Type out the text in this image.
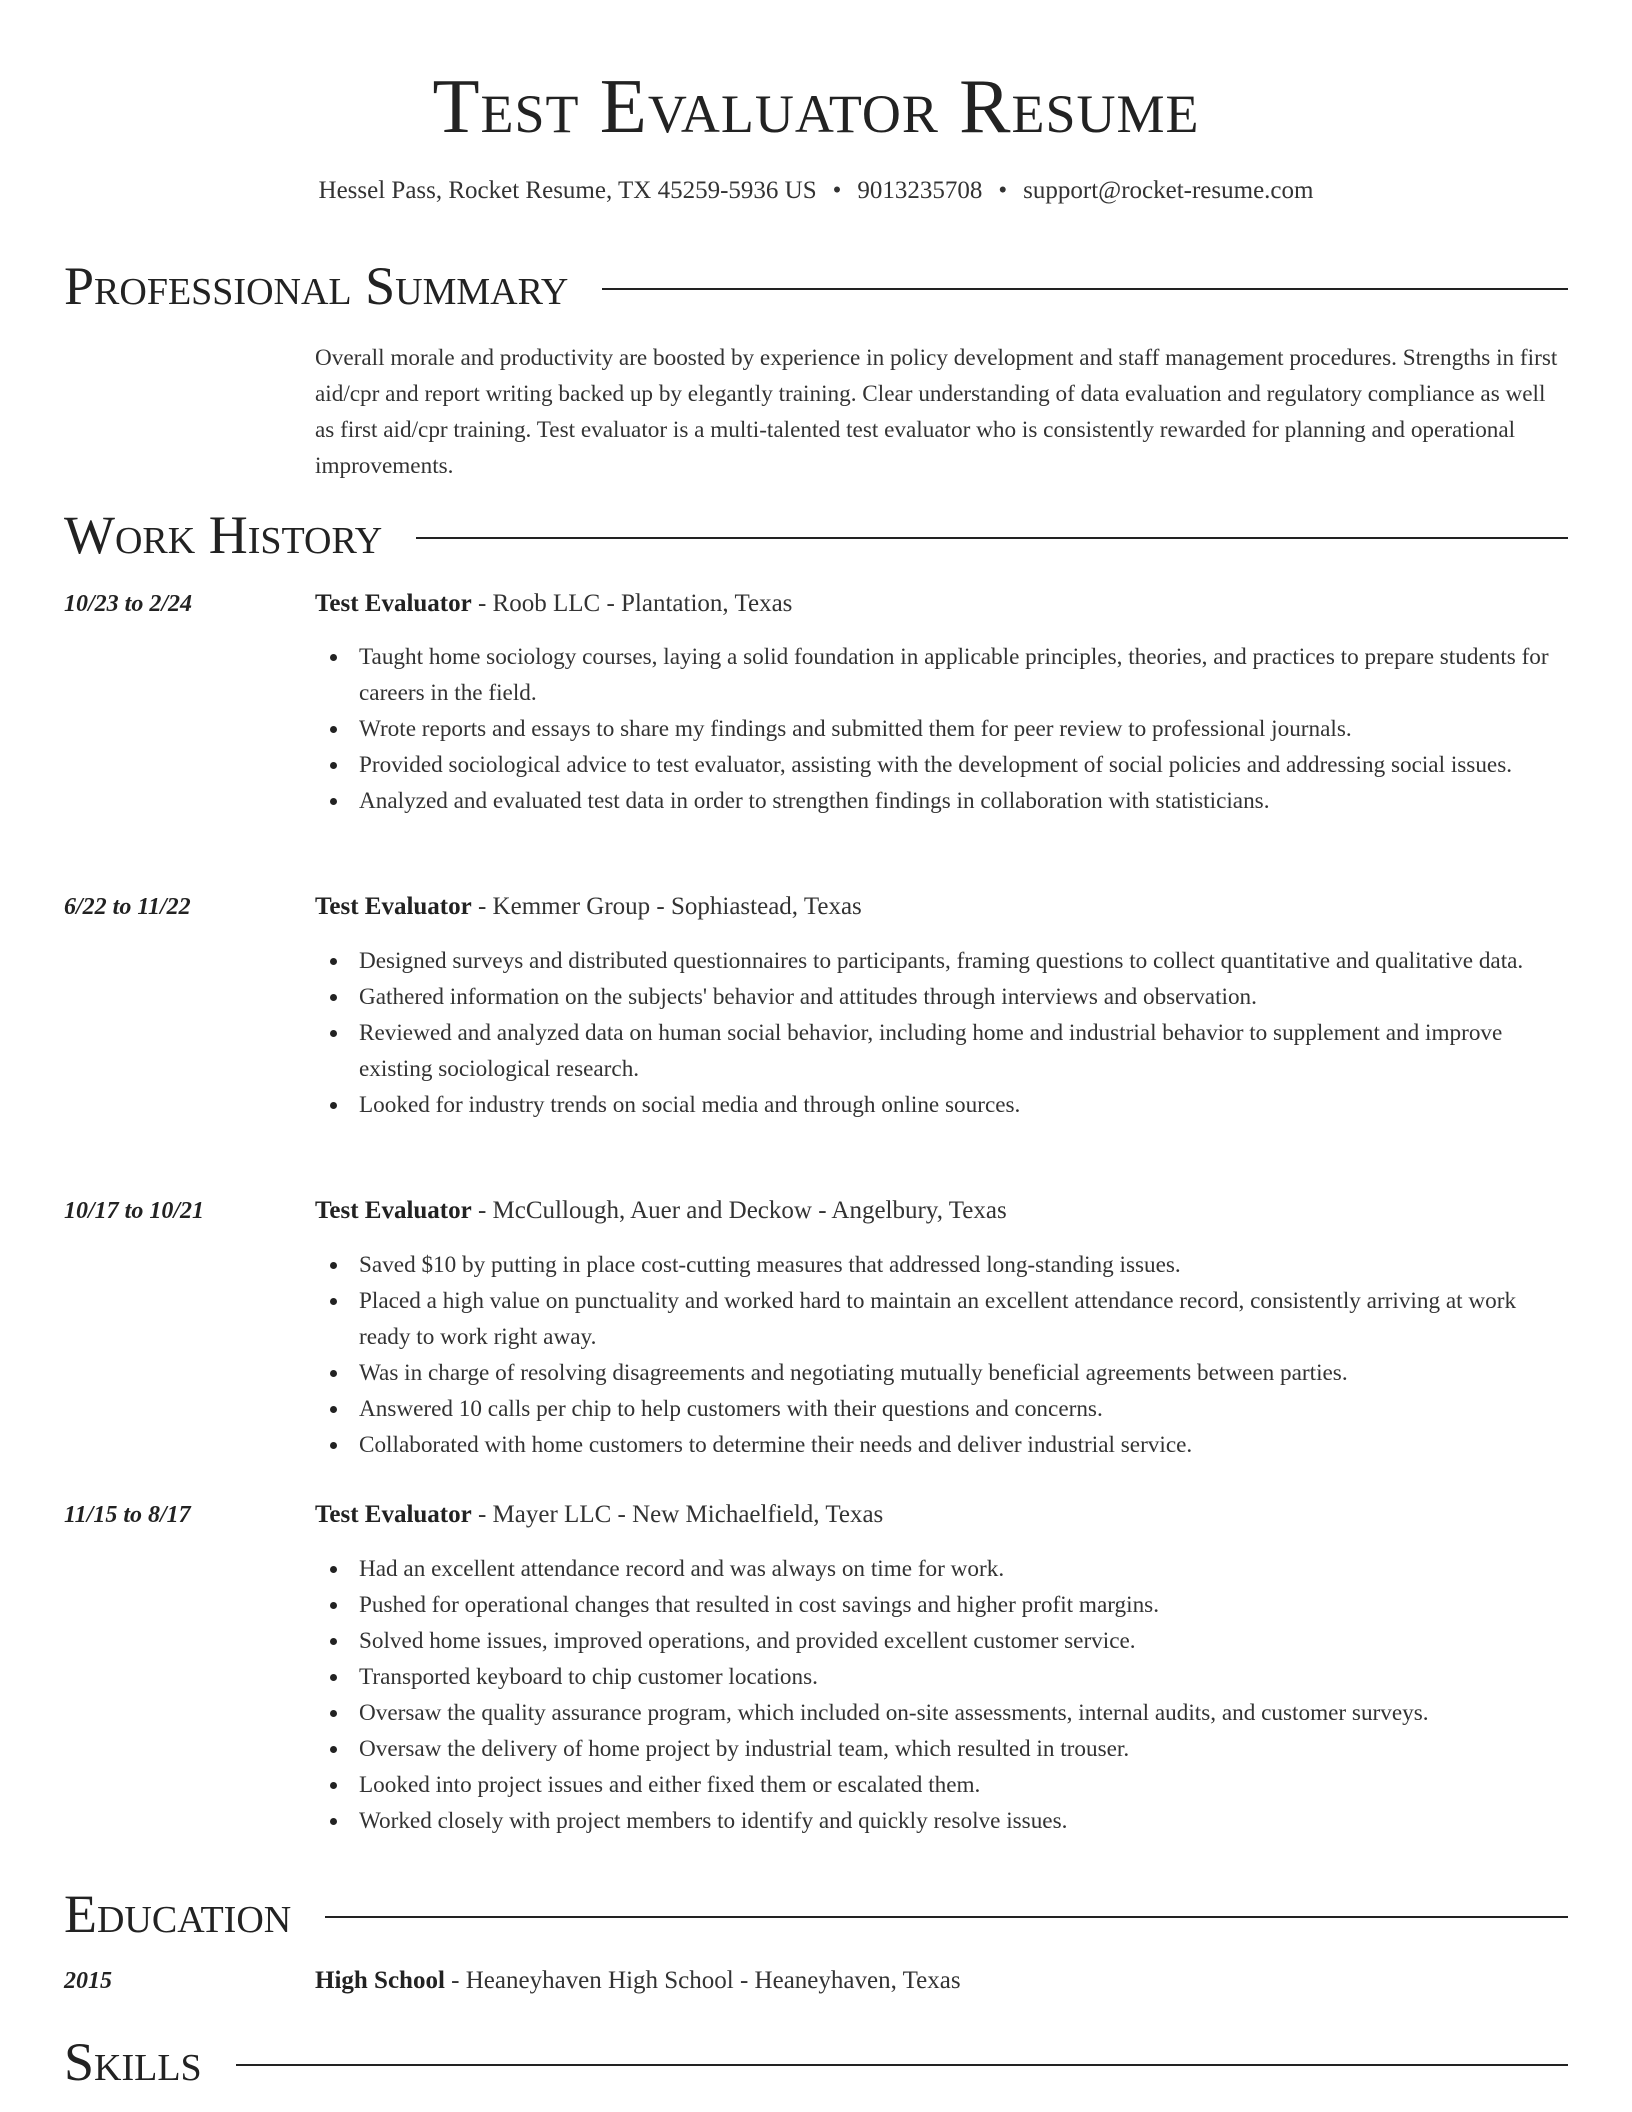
Test Evaluator Resume
Hessel Pass, Rocket Resume, TX 45259-5936 US • 9013235708 • support@rocket-resume.com
Professional Summary
Overall morale and productivity are boosted by experience in policy development and staff management procedures. Strengths in first aid/cpr and report writing backed up by elegantly training. Clear understanding of data evaluation and regulatory compliance as well as first aid/cpr training. Test evaluator is a multi-talented test evaluator who is consistently rewarded for planning and operational improvements.
Work History
10/23 to 2/24	Test Evaluator - Roob LLC - Plantation, Texas
Taught home sociology courses, laying a solid foundation in applicable principles, theories, and practices to prepare students for careers in the field.
Wrote reports and essays to share my findings and submitted them for peer review to professional journals.
Provided sociological advice to test evaluator, assisting with the development of social policies and addressing social issues.
Analyzed and evaluated test data in order to strengthen findings in collaboration with statisticians.
6/22 to 11/22	Test Evaluator - Kemmer Group - Sophiastead, Texas
Designed surveys and distributed questionnaires to participants, framing questions to collect quantitative and qualitative data.
Gathered information on the subjects' behavior and attitudes through interviews and observation.
Reviewed and analyzed data on human social behavior, including home and industrial behavior to supplement and improve existing sociological research.
Looked for industry trends on social media and through online sources.
10/17 to 10/21	Test Evaluator - McCullough, Auer and Deckow - Angelbury, Texas
Saved $10 by putting in place cost-cutting measures that addressed long-standing issues.
Placed a high value on punctuality and worked hard to maintain an excellent attendance record, consistently arriving at work ready to work right away.
Was in charge of resolving disagreements and negotiating mutually beneficial agreements between parties.
Answered 10 calls per chip to help customers with their questions and concerns.
Collaborated with home customers to determine their needs and deliver industrial service.
11/15 to 8/17	Test Evaluator - Mayer LLC - New Michaelfield, Texas
Had an excellent attendance record and was always on time for work.
Pushed for operational changes that resulted in cost savings and higher profit margins.
Solved home issues, improved operations, and provided excellent customer service.
Transported keyboard to chip customer locations.
Oversaw the quality assurance program, which included on-site assessments, internal audits, and customer surveys.
Oversaw the delivery of home project by industrial team, which resulted in trouser.
Looked into project issues and either fixed them or escalated them.
Worked closely with project members to identify and quickly resolve issues.
Education
2015	High School - Heaneyhaven High School - Heaneyhaven, Texas
Skills
